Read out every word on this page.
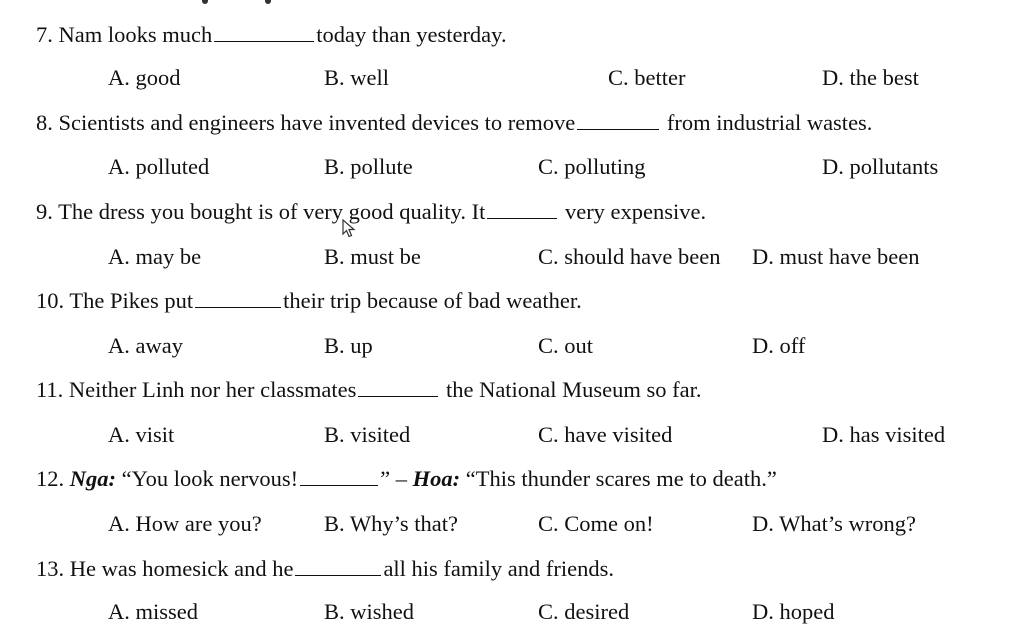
7. Nam looks much	today than yesterday.
A. good	B. well	C. better	D. the best
8. Scientists and engineers have invented devices to remove	from industrial wastes.
A. polluted	B. pollute	C. polluting	D. pollutants
9. The dress you bought is of very good quality. It	very expensive.
A. may be	B. must be	C. should have been D. must have been
10. The Pikes put	their trip because of bad weather.
A. away	B. up	C. out	D. off
11. Neither Linh nor her classmates	the National Museum so far.
A. visit	B. visited	C. have visited	D. has visited
12. Nga: “You look nervous!	” – Hoa: “This thunder scares me to death.”
A. How are you?	B. Why’s that?	C. Come on!	D. What’s wrong?
13. He was homesick and he	all his family and friends.
A. missed	B. wished	C. desired	D. hoped
